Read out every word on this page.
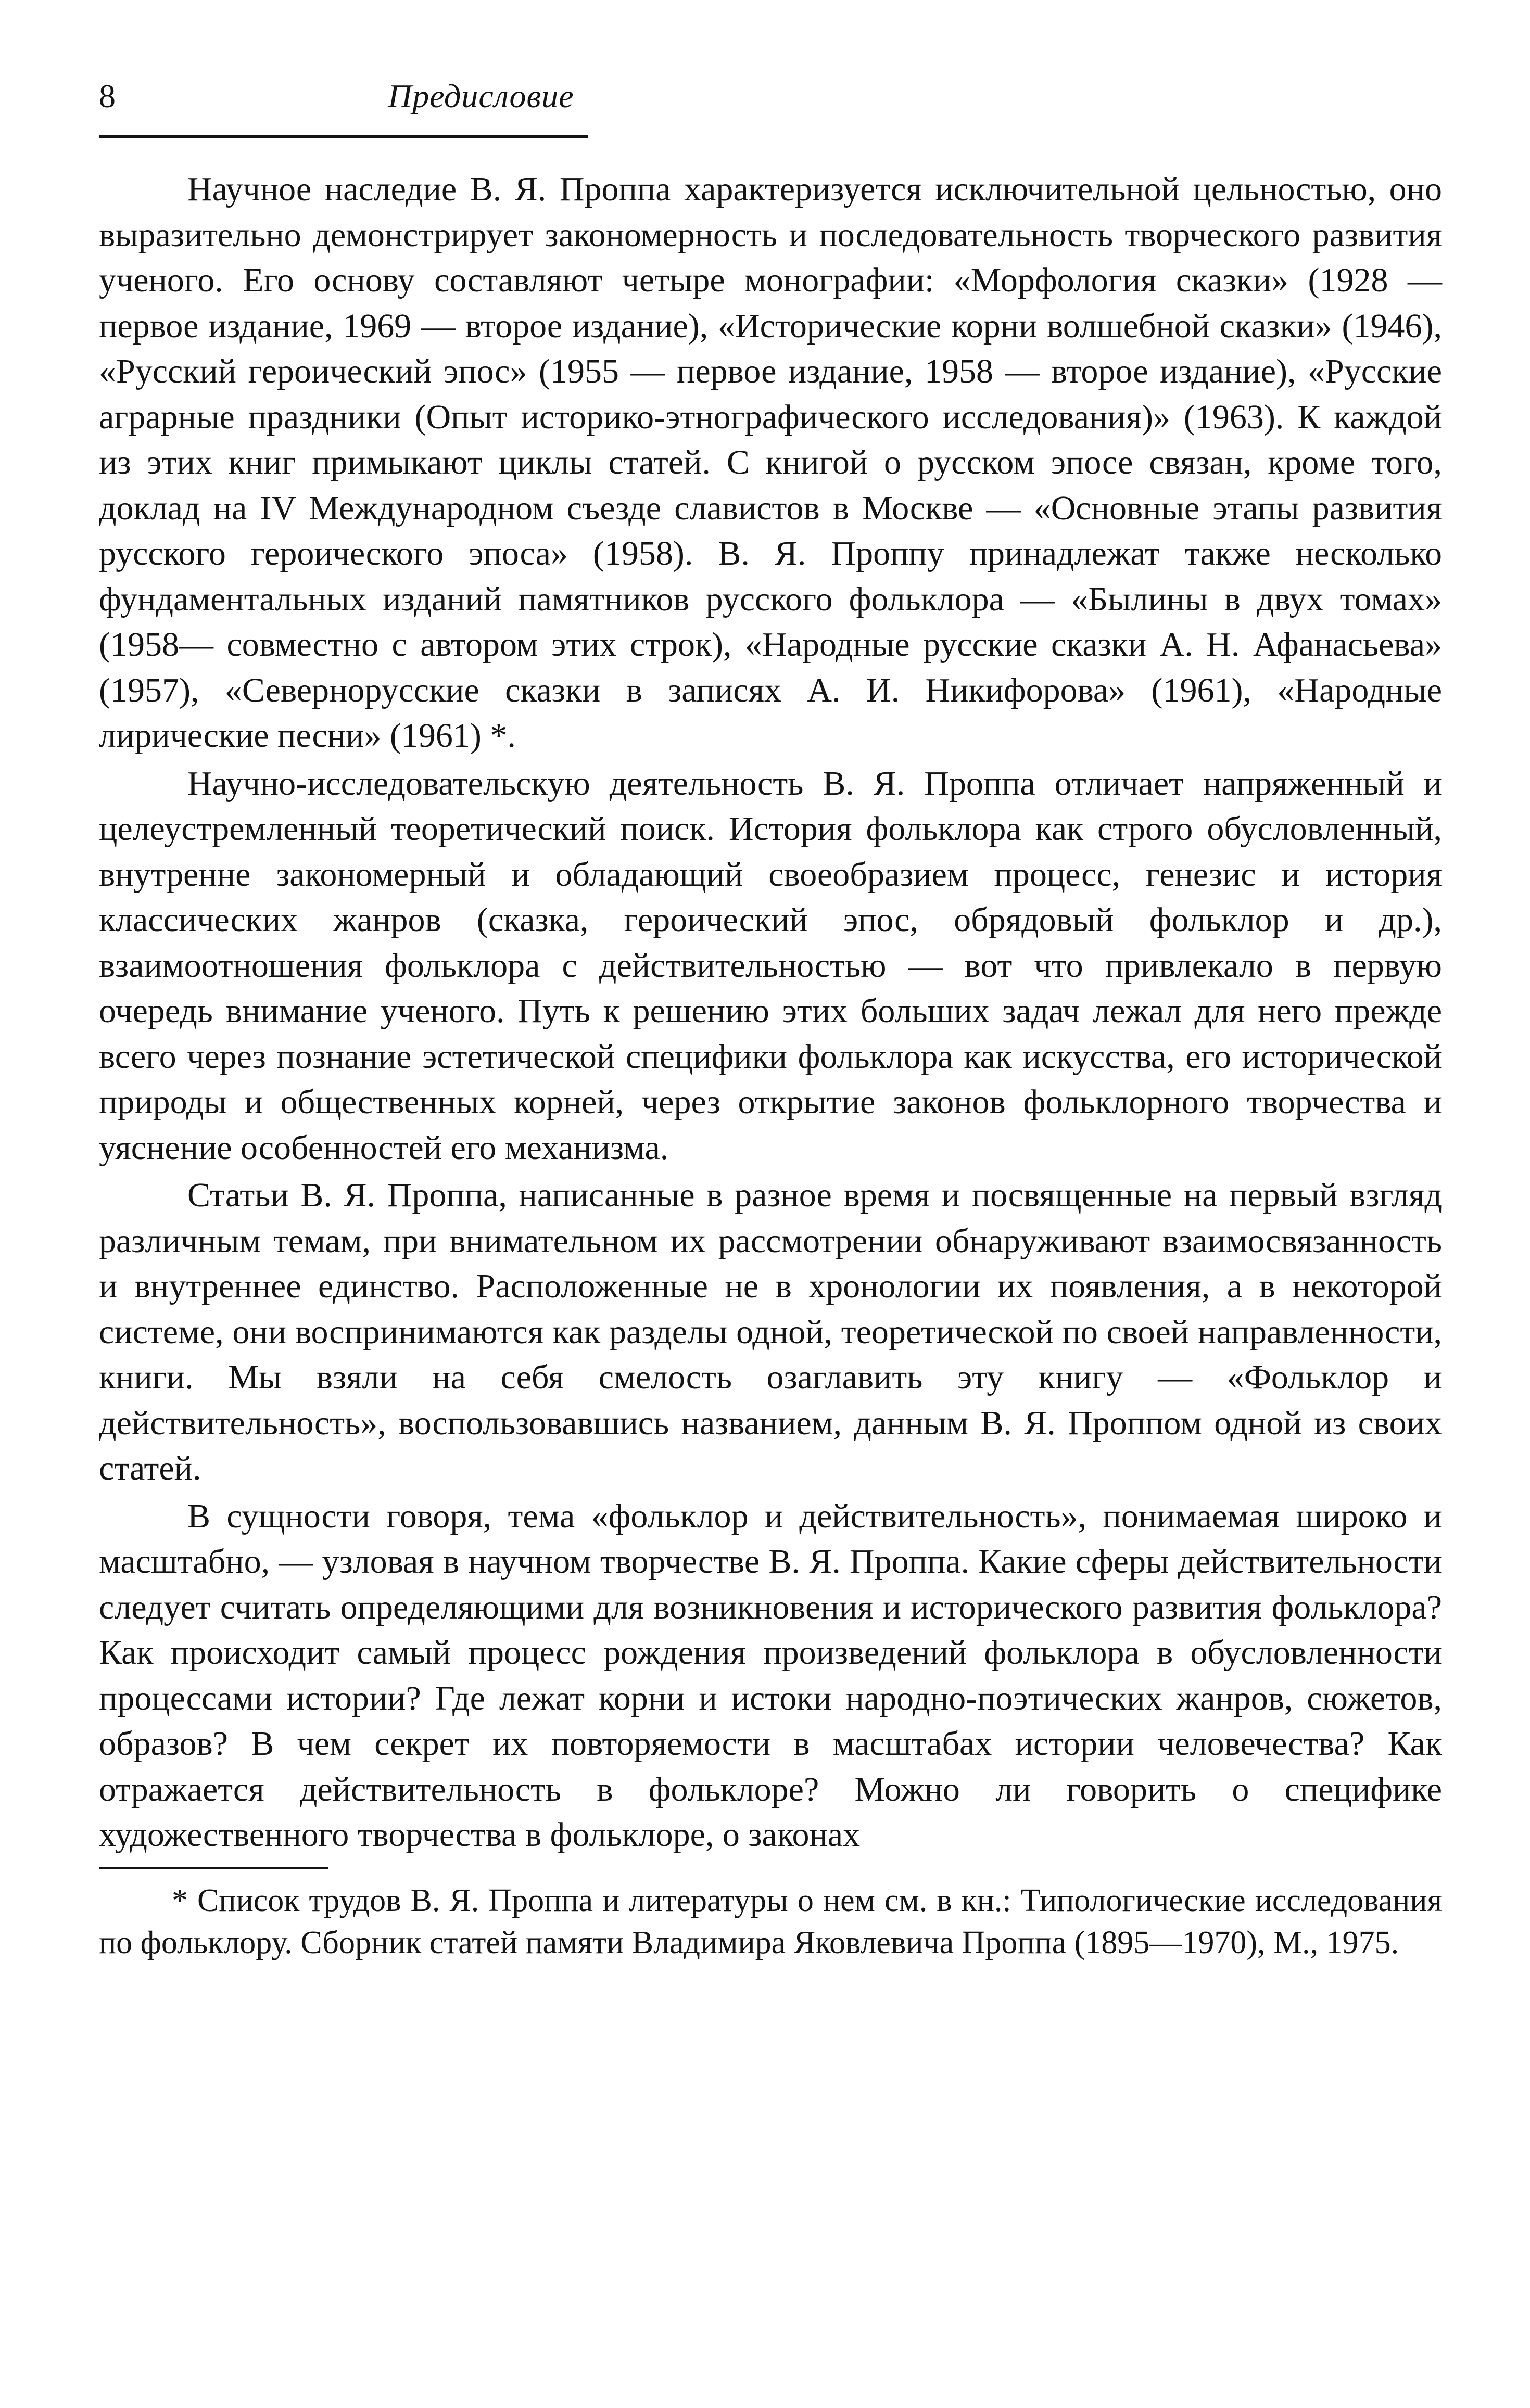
8	Предисловие

Научное наследие В. Я. Проппа характеризуется исключительной цельностью, оно выразительно демонстрирует закономерность и последовательность творческого развития ученого. Его основу составляют четыре монографии: «Морфология сказки» (1928 — первое издание, 1969 — второе издание), «Исторические корни волшебной сказки» (1946), «Русский героический эпос» (1955 — первое издание, 1958 — второе издание), «Русские аграрные праздники (Опыт историко-этнографического исследования)» (1963). К каждой из этих книг примыкают циклы статей. С книгой о русском эпосе связан, кроме того, доклад на IV Международном съезде славистов в Москве — «Основные этапы развития русского героического эпоса» (1958). В. Я. Проппу принадлежат также несколько фундаментальных изданий памятников русского фольклора — «Былины в двух томах» (1958— совместно с автором этих строк), «Народные русские сказки А. Н. Афанасьева» (1957), «Севернорусские сказки в записях А. И. Никифорова» (1961), «Народные лирические песни» (1961) *.

Научно-исследовательскую деятельность В. Я. Проппа отличает напряженный и целеустремленный теоретический поиск. История фольклора как строго обусловленный, внутренне закономерный и обладающий своеобразием процесс, генезис и история классических жанров (сказка, героический эпос, обрядовый фольклор и др.), взаимоотношения фольклора с действительностью — вот что привлекало в первую очередь внимание ученого. Путь к решению этих больших задач лежал для него прежде всего через познание эстетической специфики фольклора как искусства, его исторической природы и общественных корней, через открытие законов фольклорного творчества и уяснение особенностей его механизма.

Статьи В. Я. Проппа, написанные в разное время и посвященные на первый взгляд различным темам, при внимательном их рассмотрении обнаруживают взаимосвязанность и внутреннее единство. Расположенные не в хронологии их появления, а в некоторой системе, они воспринимаются как разделы одной, теоретической по своей направленности, книги. Мы взяли на себя смелость озаглавить эту книгу — «Фольклор и действительность», воспользовавшись названием, данным В. Я. Проппом одной из своих статей.

В сущности говоря, тема «фольклор и действительность», понимаемая широко и масштабно, — узловая в научном творчестве В. Я. Проппа. Какие сферы действительности следует считать определяющими для возникновения и исторического развития фольклора? Как происходит самый процесс рождения произведений фольклора в обусловленности процессами истории? Где лежат корни и истоки народно-поэтических жанров, сюжетов, образов? В чем секрет их повторяемости в масштабах истории человечества? Как отражается действительность в фольклоре? Можно ли говорить о специфике художественного творчества в фольклоре, о законах

* Список трудов В. Я. Проппа и литературы о нем см. в кн.: Типологические исследования по фольклору. Сборник статей памяти Владимира Яковлевича Проппа (1895—1970), М., 1975.
